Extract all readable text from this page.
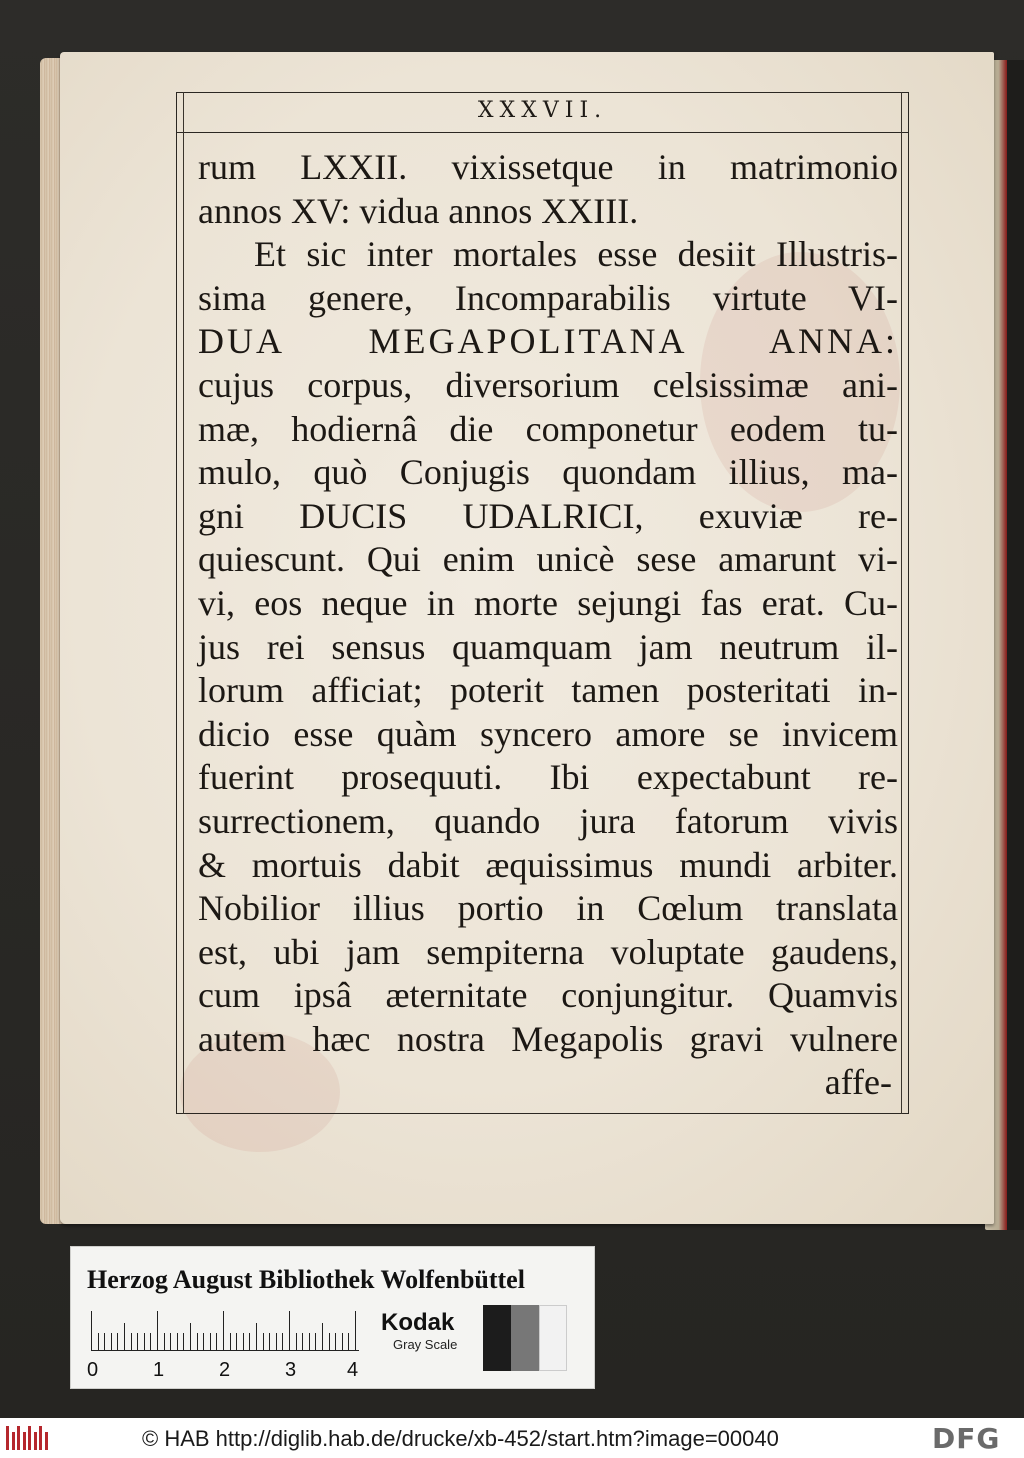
XXXVII.
rum LXXII. vixissetque in matrimonio
annos XV: vidua annos XXIII.
Et sic inter mortales esse desiit Illustris-
sima genere, Incomparabilis virtute VI-
DUA MEGAPOLITANA ANNA:
cujus corpus, diversorium celsissimæ ani-
mæ, hodiernâ die componetur eodem tu-
mulo, quò Conjugis quondam illius, ma-
gni DUCIS UDALRICI, exuviæ re-
quiescunt. Qui enim unicè sese amarunt vi-
vi, eos neque in morte sejungi fas erat. Cu-
jus rei sensus quamquam jam neutrum il-
lorum afficiat; poterit tamen posteritati in-
dicio esse quàm syncero amore se invicem
fuerint prosequuti. Ibi expectabunt re-
surrectionem, quando jura fatorum vivis
& mortuis dabit æquissimus mundi arbiter.
Nobilior illius portio in Cœlum translata
est, ubi jam sempiterna voluptate gaudens,
cum ipsâ æternitate conjungitur. Quamvis
autem hæc nostra Megapolis gravi vulnere
affe-
Herzog August Bibliothek Wolfenbüttel
0	1	2	3	4
Kodak
Gray Scale
© HAB http://diglib.hab.de/drucke/xb-452/start.htm?image=00040	DFG
